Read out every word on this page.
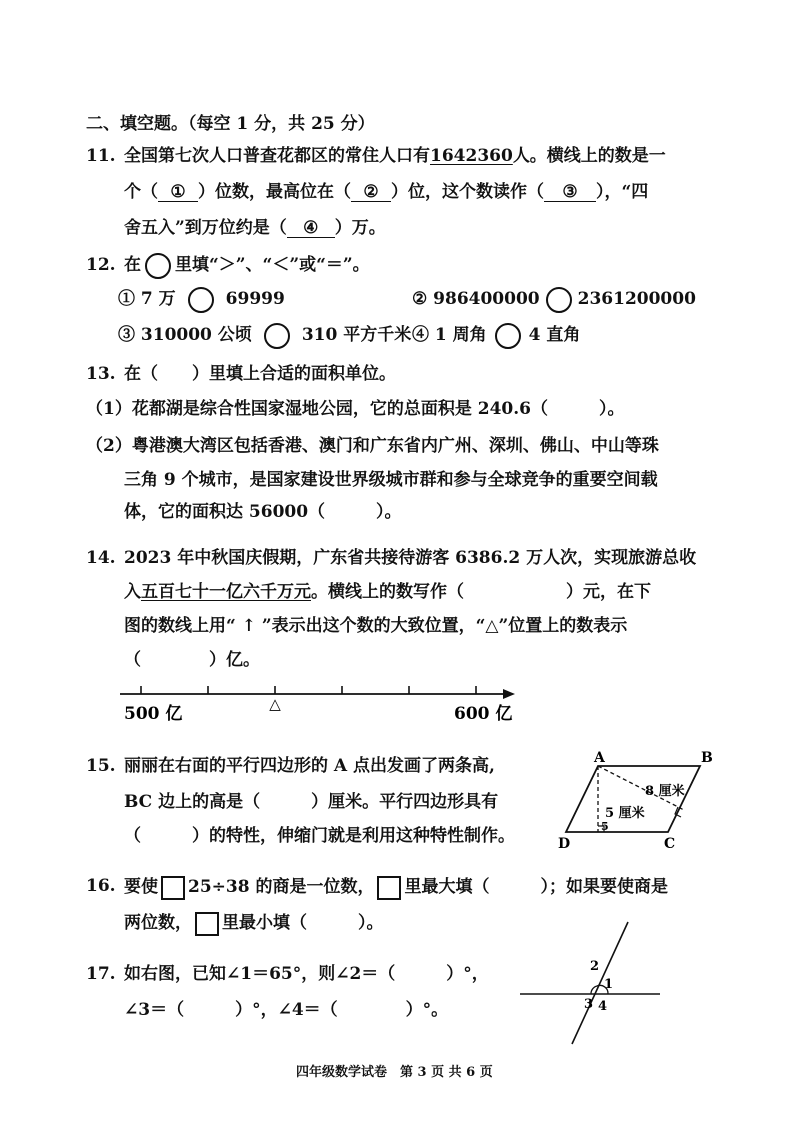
二、填空题。（每空 1 分，共 25 分）
11. 全国第七次人口普查花都区的常住人口有1642360人。横线上的数是一
个（ ① ）位数，最高位在（ ② ）位，这个数读作（ ③ ），“四
舍五入”到万位约是（ ④ ）万。
12. 在 里填“＞”、“＜”或“＝”。
① 7 万	69999	② 986400000 2361200000
③ 310000 公顷	310 平方千米 ④ 1 周角 4 直角
13. 在（　　）里填上合适的面积单位。
（1）花都湖是综合性国家湿地公园，它的总面积是 240.6（　　　）。
（2）粤港澳大湾区包括香港、澳门和广东省内广州、深圳、佛山、中山等珠
三角 9 个城市，是国家建设世界级城市群和参与全球竞争的重要空间载
体，它的面积达 56000（　　　）。
14. 2023 年中秋国庆假期，广东省共接待游客 6386.2 万人次，实现旅游总收
入五百七十一亿六千万元。横线上的数写作（　　　　　　）元，在下
图的数线上用“ ↑ ”表示出这个数的大致位置，“△”位置上的数表示
（　　　　）亿。
△
500 亿	600 亿
15. 丽丽在右面的平行四边形的 A 点出发画了两条高,
BC 边上的高是（　　　）厘米。平行四边形具有
（　　　）的特性，伸缩门就是利用这种特性制作。
A	B
C
D
8 厘米
5 厘米
5
16. 要使 25÷38 的商是一位数， 里最大填（　　　）；如果要使商是
两位数， 里最小填（　　　）。
17. 如右图，已知∠1＝65°，则∠2＝（　　　）°，
∠3＝（　　　）°，∠4＝（　　　　）°。
1
2
3 4
四年级数学试卷　第 3 页 共 6 页
